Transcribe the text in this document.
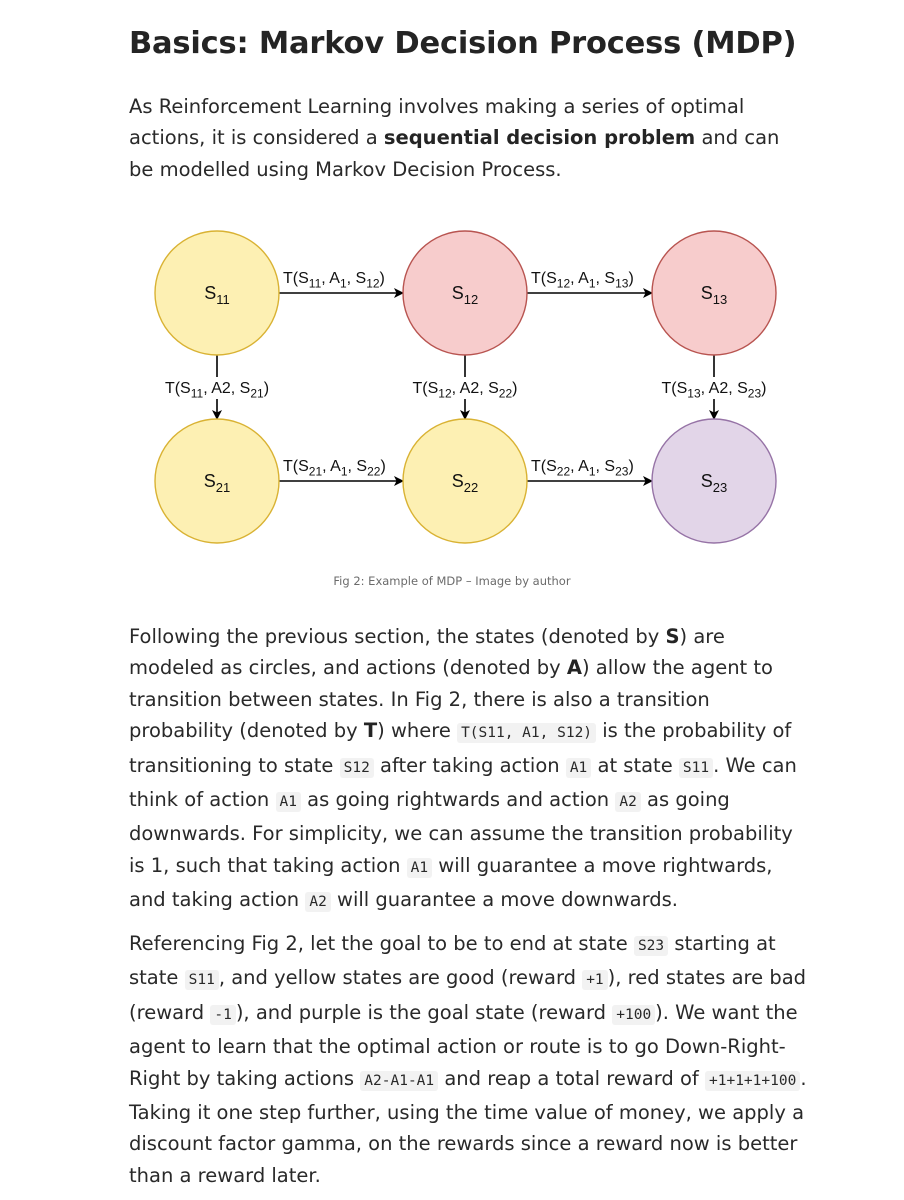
Basics: Markov Decision Process (MDP)

As Reinforcement Learning involves making a series of optimal actions, it is considered a sequential decision problem and can be modelled using Markov Decision Process.

$T(S_{11}$, $A_1$, $S_{12}$)	$T(S_{12}$, $A_1$, $S_{13}$)
$T(S_{11}$, A2, $S_{21}$)	$T(S_{12}$, A2, $S_{22}$)	$T(S_{13}$, A2, $S_{23}$)
$T(S_{21}$, $A_1$, $S_{22}$)	$T(S_{22}$, $A_1$, $S_{23}$)
$S_{11}$	$S_{12}$	$S_{13}$
$S_{21}$	$S_{22}$	$S_{23}$
Fig 2: Example of MDP – Image by author

Following the previous section, the states (denoted by S) are modeled as circles, and actions (denoted by A) allow the agent to transition between states. In Fig 2, there is also a transition probability (denoted by T) where T(S11, A1, S12) is the probability of transitioning to state S12 after taking action A1 at state S11 . We can think of action A1 as going rightwards and action A2 as going downwards. For simplicity, we can assume the transition probability is 1, such that taking action A1 will guarantee a move rightwards, and taking action A2 will guarantee a move downwards.

Referencing Fig 2, let the goal to be to end at state S23 starting at state S11 , and yellow states are good (reward +1 ), red states are bad (reward -1 ), and purple is the goal state (reward +100 ). We want the agent to learn that the optimal action or route is to go Down-Right-Right by taking actions A2-A1-A1 and reap a total reward of +1+1+1+100 . Taking it one step further, using the time value of money, we apply a discount factor gamma, on the rewards since a reward now is better than a reward later.
